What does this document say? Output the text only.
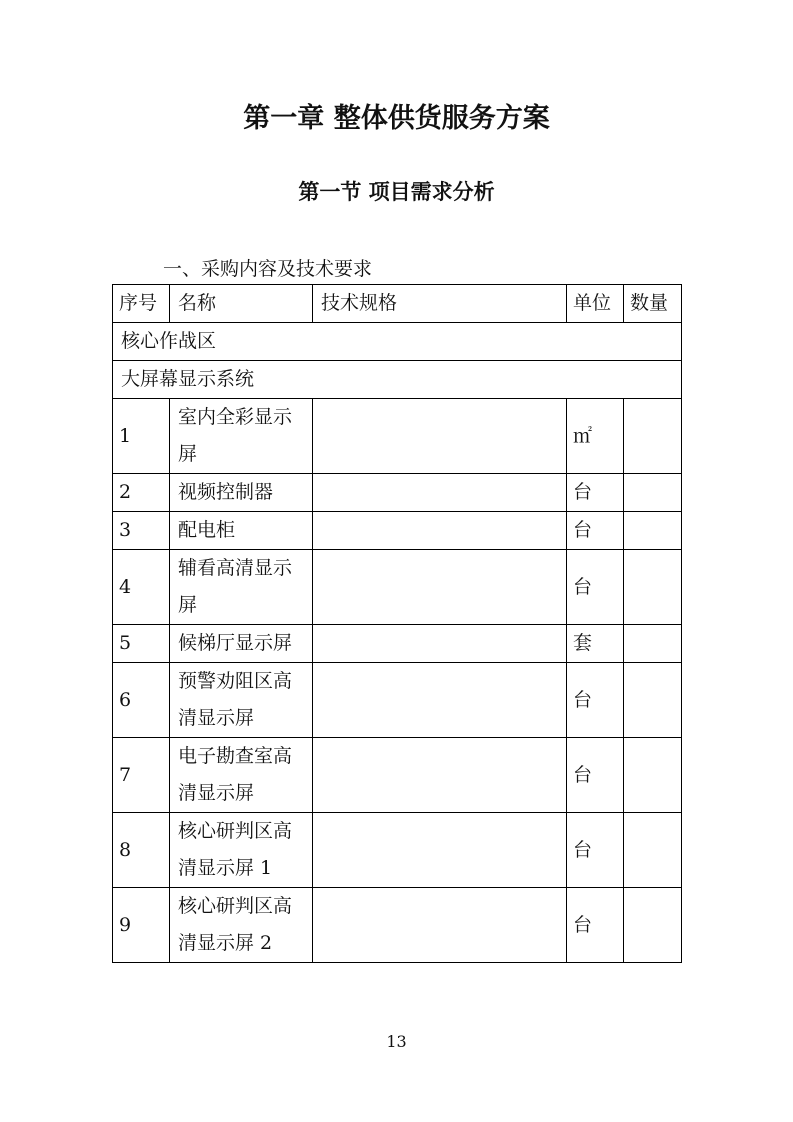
第一章 整体供货服务方案
第一节 项目需求分析
一、采购内容及技术要求
序号	名称	技术规格	单位	数量
核心作战区				
大屏幕显示系统				
1	室内全彩显示屏		㎡	
2	视频控制器		台	
3	配电柜		台	
4	辅看高清显示屏		台	
5	候梯厅显示屏		套	
6	预警劝阻区高清显示屏		台	
7	电子勘查室高清显示屏		台	
8	核心研判区高清显示屏 1		台	
9	核心研判区高清显示屏 2		台	
13
